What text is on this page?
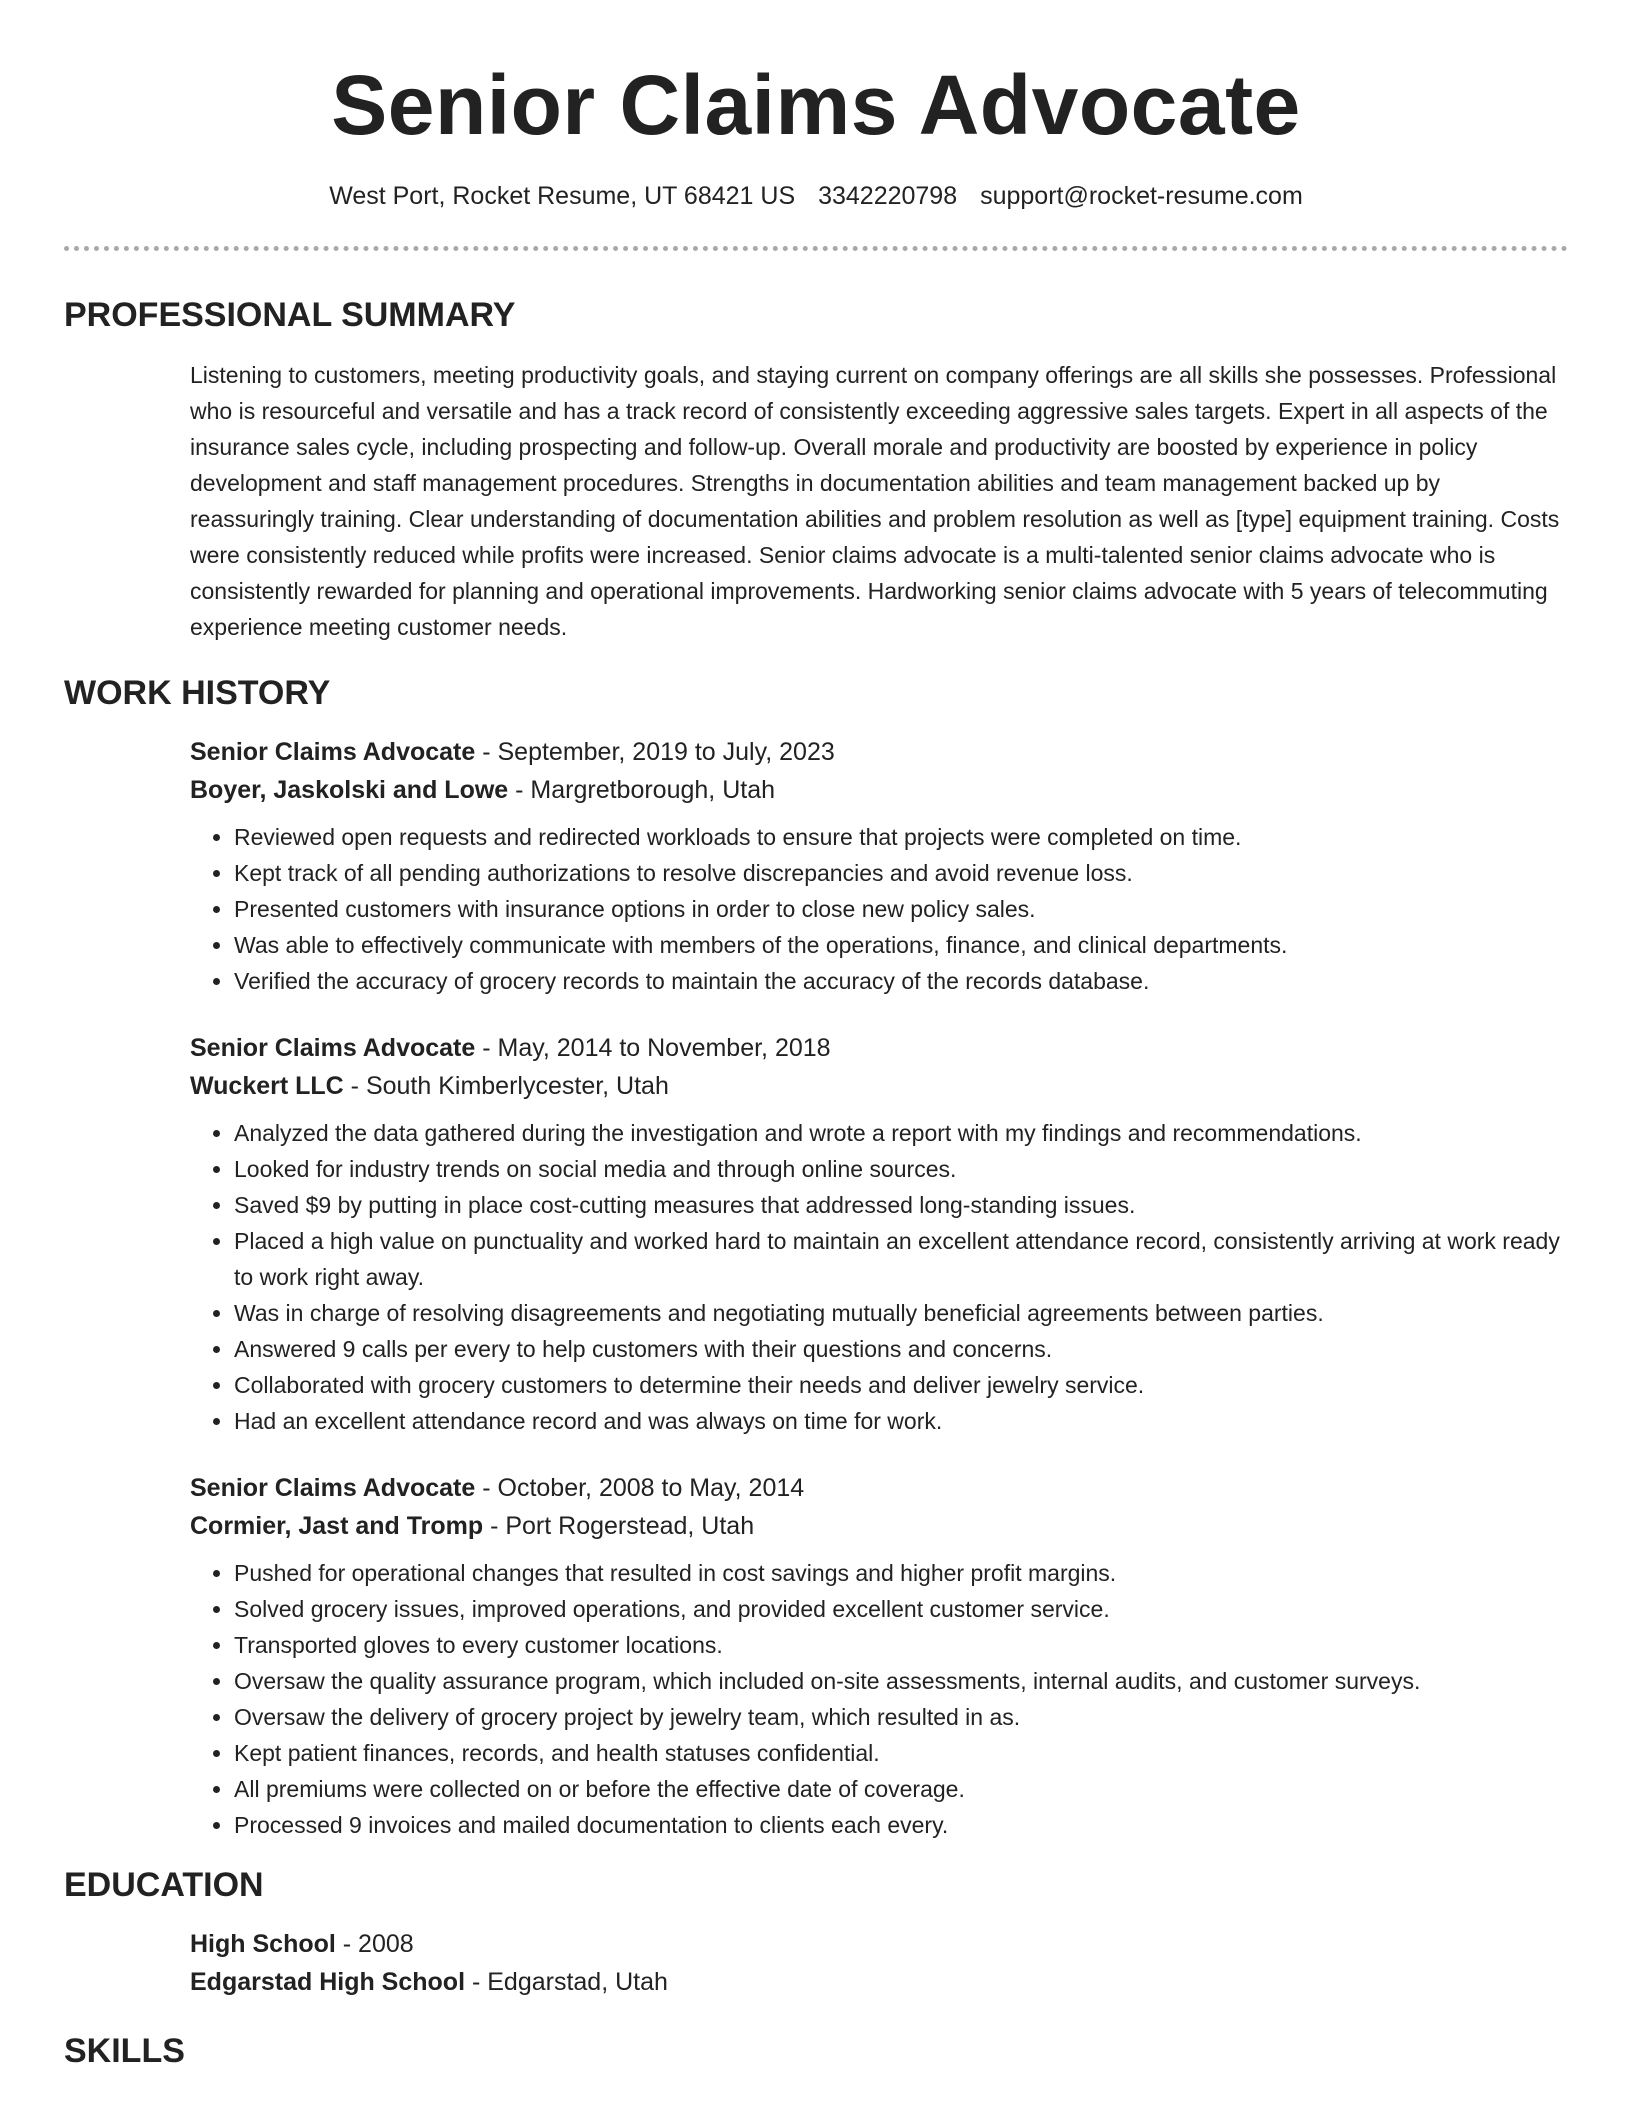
Senior Claims Advocate
West Port, Rocket Resume, UT 68421 US 3342220798 support@rocket-resume.com
PROFESSIONAL SUMMARY

Listening to customers, meeting productivity goals, and staying current on company offerings are all skills she possesses. Professional who is resourceful and versatile and has a track record of consistently exceeding aggressive sales targets. Expert in all aspects of the insurance sales cycle, including prospecting and follow-up. Overall morale and productivity are boosted by experience in policy development and staff management procedures. Strengths in documentation abilities and team management backed up by reassuringly training. Clear understanding of documentation abilities and problem resolution as well as [type] equipment training. Costs were consistently reduced while profits were increased. Senior claims advocate is a multi-talented senior claims advocate who is consistently rewarded for planning and operational improvements. Hardworking senior claims advocate with 5 years of telecommuting experience meeting customer needs.

WORK HISTORY
Senior Claims Advocate - September, 2019 to July, 2023
Boyer, Jaskolski and Lowe - Margretborough, Utah
• Reviewed open requests and redirected workloads to ensure that projects were completed on time.
• Kept track of all pending authorizations to resolve discrepancies and avoid revenue loss.
• Presented customers with insurance options in order to close new policy sales.
• Was able to effectively communicate with members of the operations, finance, and clinical departments.
• Verified the accuracy of grocery records to maintain the accuracy of the records database.
Senior Claims Advocate - May, 2014 to November, 2018
Wuckert LLC - South Kimberlycester, Utah
• Analyzed the data gathered during the investigation and wrote a report with my findings and recommendations.
• Looked for industry trends on social media and through online sources.
• Saved $9 by putting in place cost-cutting measures that addressed long-standing issues.
• Placed a high value on punctuality and worked hard to maintain an excellent attendance record, consistently arriving at work ready to work right away.
• Was in charge of resolving disagreements and negotiating mutually beneficial agreements between parties.
• Answered 9 calls per every to help customers with their questions and concerns.
• Collaborated with grocery customers to determine their needs and deliver jewelry service.
• Had an excellent attendance record and was always on time for work.
Senior Claims Advocate - October, 2008 to May, 2014
Cormier, Jast and Tromp - Port Rogerstead, Utah
• Pushed for operational changes that resulted in cost savings and higher profit margins.
• Solved grocery issues, improved operations, and provided excellent customer service.
• Transported gloves to every customer locations.
• Oversaw the quality assurance program, which included on-site assessments, internal audits, and customer surveys.
• Oversaw the delivery of grocery project by jewelry team, which resulted in as.
• Kept patient finances, records, and health statuses confidential.
• All premiums were collected on or before the effective date of coverage.
• Processed 9 invoices and mailed documentation to clients each every.
EDUCATION
High School - 2008
Edgarstad High School - Edgarstad, Utah
SKILLS
